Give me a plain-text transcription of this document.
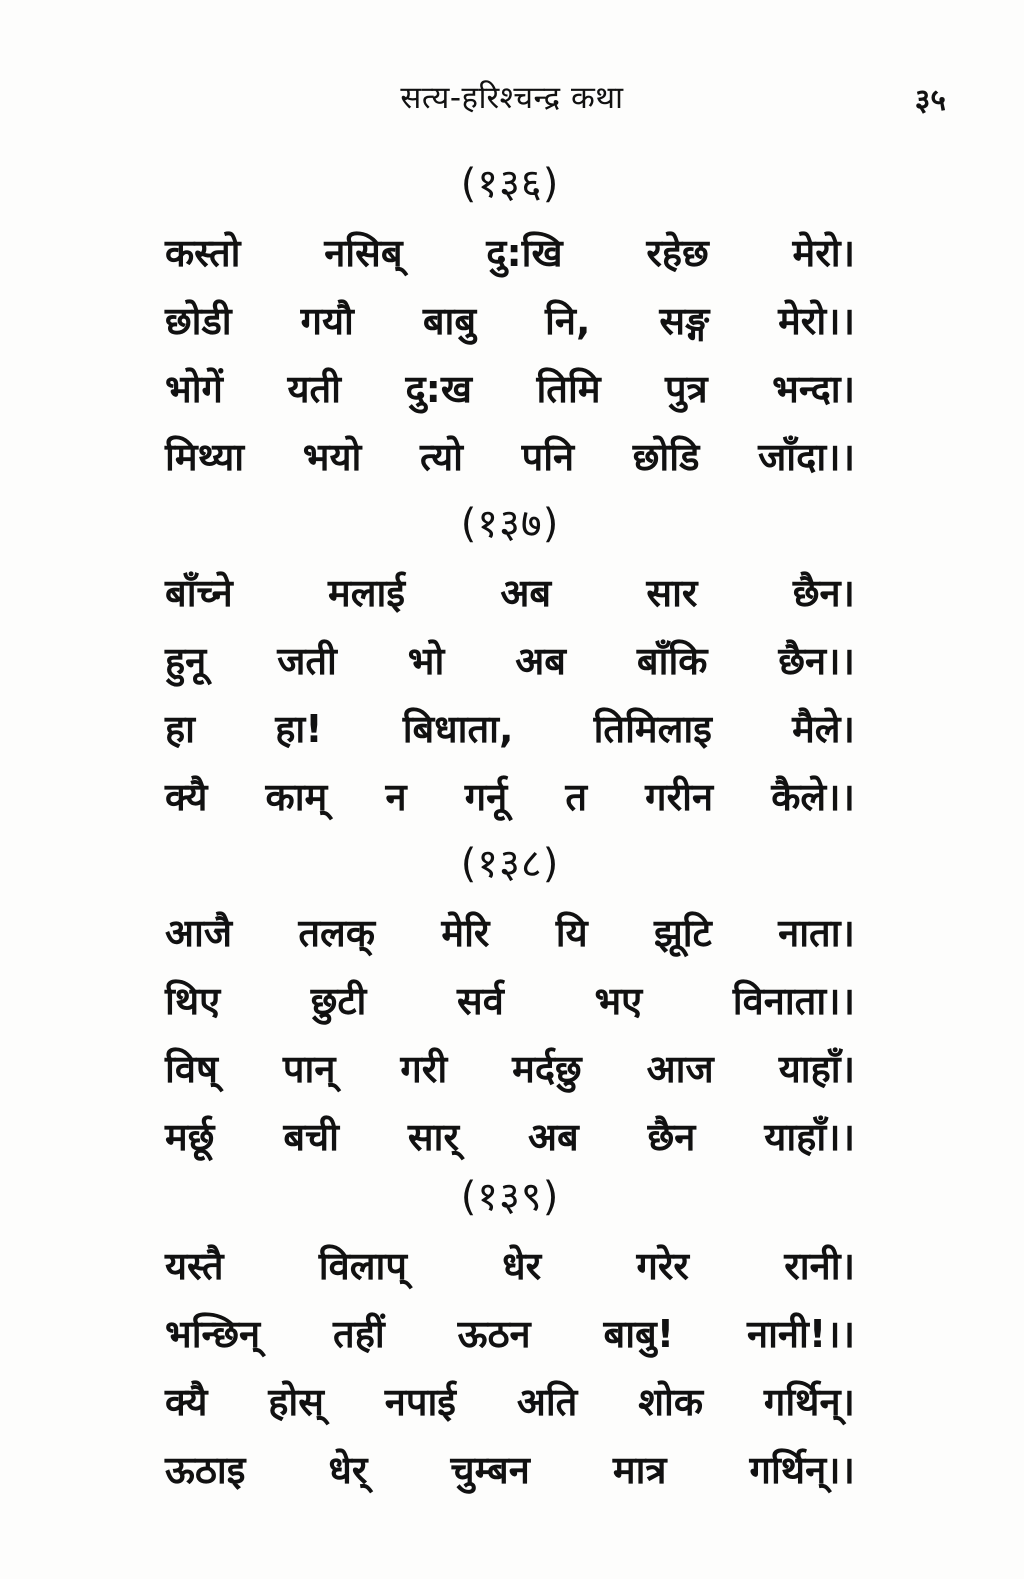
सत्य-हरिश्चन्द्र कथा	३५
(१३६)
कस्तो नसिब् दु:खि रहेछ मेरो।
छोडी गयौ बाबु नि, सङ्ग मेरो।।
भोगें यती दु:ख तिमि पुत्र भन्दा।
मिथ्या भयो त्यो पनि छोडि जाँदा।।
(१३७)
बाँच्ने	मलाई	अब	सार	छैन।
हुनू जती भो अब बाँकि छैन।।
हा हा! बिधाता, तिमिलाइ मैले।
क्यै काम् न गर्नू त गरीन कैले।।
(१३८)
आजै तलक् मेरि यि झूटि नाता।
थिए छुटी सर्व भए विनाता।।
विष् पान् गरी मर्दछु आज याहाँ।
मर्छू बची सार् अब छैन याहाँ।।
(१३९)
यस्तै	विलाप्	धेर	गरेर	रानी।
भन्छिन् तहीं ऊठन बाबु! नानी!।।
क्यै होस् नपाई अति शोक गर्थिन्।
ऊठाइ धेर् चुम्बन मात्र गर्थिन्।।
